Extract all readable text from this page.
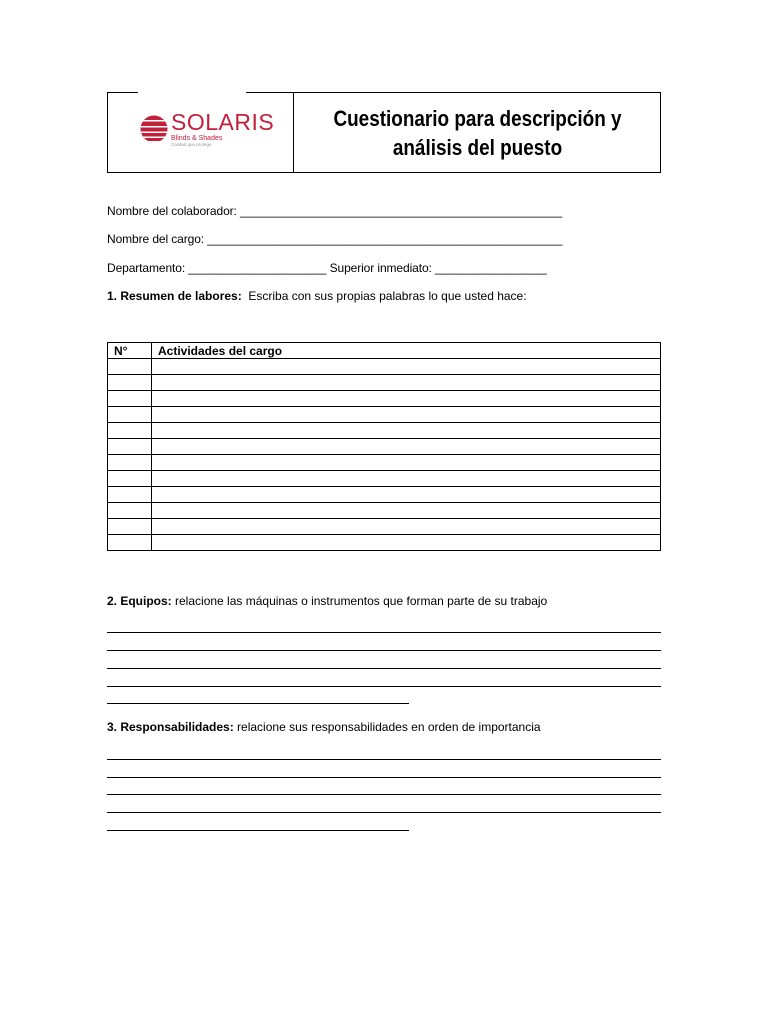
SOLARIS
Blinds & Shades
Calidad que protege
Cuestionario para descripción y
análisis del puesto
Nombre del colaborador: _________________________________________________
Nombre del cargo: ______________________________________________________
Departamento: _____________________ Superior inmediato: _________________
1. Resumen de labores: Escriba con sus propias palabras lo que usted hace:
N°	Actividades del cargo

2. Equipos: relacione las máquinas o instrumentos que forman parte de su trabajo
3. Responsabilidades: relacione sus responsabilidades en orden de importancia
